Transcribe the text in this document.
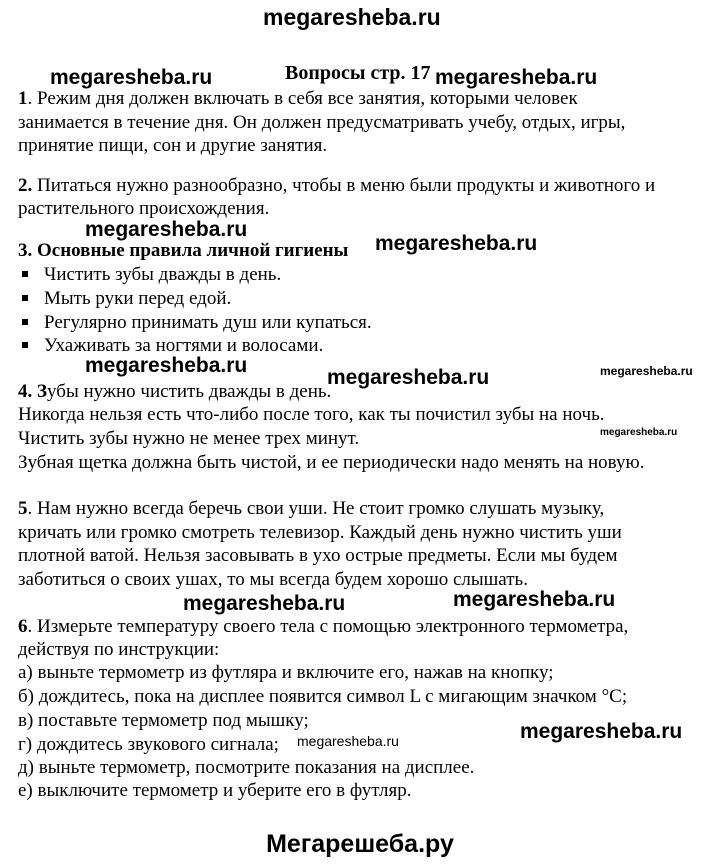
megaresheba.ru
Вопросы стр. 17
megaresheba.ru	megaresheba.ru
1. Режим дня должен включать в себя все занятия, которыми человек
занимается в течение дня. Он должен предусматривать учебу, отдых, игры,
принятие пищи, сон и другие занятия.
2. Питаться нужно разнообразно, чтобы в меню были продукты и животного и
растительного происхождения.
megaresheba.ru
megaresheba.ru
3. Основные правила личной гигиены
Чистить зубы дважды в день.
Мыть руки перед едой.
Регулярно принимать душ или купаться.
Ухаживать за ногтями и волосами.
megaresheba.ru
megaresheba.ru	megaresheba.ru
4. Зубы нужно чистить дважды в день.
Никогда нельзя есть что-либо после того, как ты почистил зубы на ночь.
Чистить зубы нужно не менее трех минут.	megaresheba.ru
Зубная щетка должна быть чистой, и ее периодически надо менять на новую.
5. Нам нужно всегда беречь свои уши. Не стоит громко слушать музыку,
кричать или громко смотреть телевизор. Каждый день нужно чистить уши
плотной ватой. Нельзя засовывать в ухо острые предметы. Если мы будем
заботиться о своих ушах, то мы всегда будем хорошо слышать.
megaresheba.ru	megaresheba.ru
6. Измерьте температуру своего тела с помощью электронного термометра,
действуя по инструкции:
а) выньте термометр из футляра и включите его, нажав на кнопку;
б) дождитесь, пока на дисплее появится символ L с мигающим значком °С;
в) поставьте термометр под мышку;	megaresheba.ru
г) дождитесь звукового сигнала; megaresheba.ru
д) выньте термометр, посмотрите показания на дисплее.
е) выключите термометр и уберите его в футляр.
Мегарешеба.ру
